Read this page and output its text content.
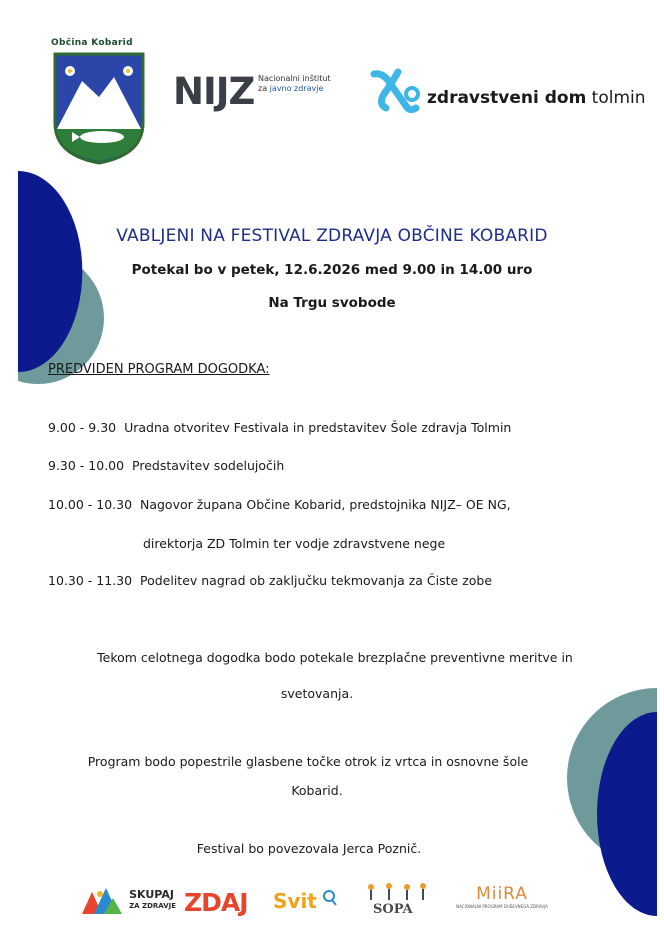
Občina Kobarid
NIJZ Nacionalni inštitut
za javno zdravje	zdravstveni dom tolmin
VABLJENI NA FESTIVAL ZDRAVJA OBČINE KOBARID
Potekal bo v petek, 12.6.2026 med 9.00 in 14.00 uro
Na Trgu svobode
PREDVIDEN PROGRAM DOGODKA:
9.00 - 9.30 Uradna otvoritev Festivala in predstavitev Šole zdravja Tolmin
9.30 - 10.00 Predstavitev sodelujočih
10.00 - 10.30 Nagovor župana Občine Kobarid, predstojnika NIJZ– OE NG,
direktorja ZD Tolmin ter vodje zdravstvene nege
10.30 - 11.30 Podelitev nagrad ob zaključku tekmovanja za Čiste zobe
Tekom celotnega dogodka bodo potekale brezplačne preventivne meritve in
svetovanja.
Program bodo popestrile glasbene točke otrok iz vrtca in osnovne šole
Kobarid.
Festival bo povezovala Jerca Poznič.
SKUPAJ
ZA ZDRAVJE ZDAJ Svit	SOPA
MiiRA
NACIONALNI PROGRAM DUŠEVNEGA ZDRAVJA
